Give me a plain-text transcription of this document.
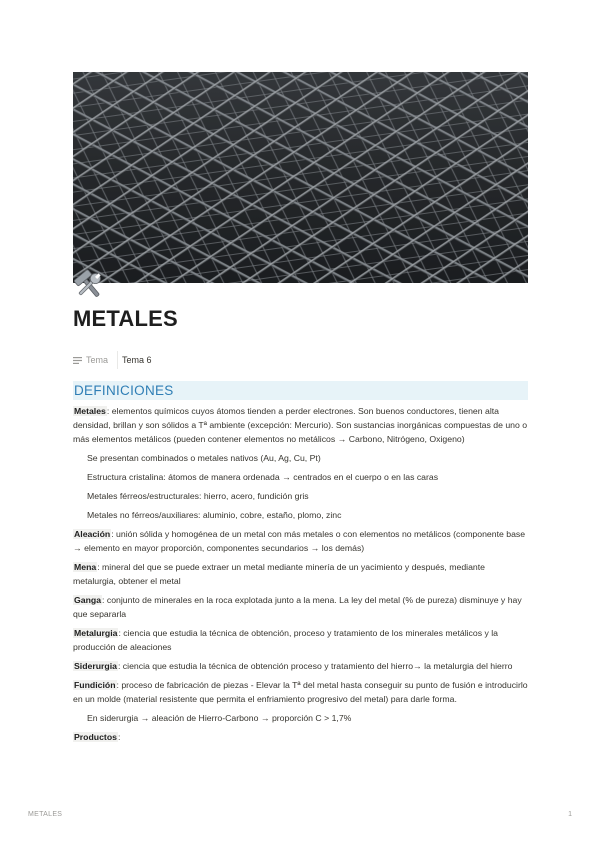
METALES
Tema Tema 6
DEFINICIONES
Metales: elementos químicos cuyos átomos tienden a perder electrones. Son buenos conductores, tienen alta densidad, brillan y son sólidos a Tª ambiente (excepción: Mercurio). Son sustancias inorgánicas compuestas de uno o más elementos metálicos (pueden contener elementos no metálicos → Carbono, Nitrógeno, Oxigeno)
Se presentan combinados o metales nativos (Au, Ag, Cu, Pt)
Estructura cristalina: átomos de manera ordenada → centrados en el cuerpo o en las caras
Metales férreos/estructurales: hierro, acero, fundición gris
Metales no férreos/auxiliares: aluminio, cobre, estaño, plomo, zinc
Aleación: unión sólida y homogénea de un metal con más metales o con elementos no metálicos (componente base → elemento en mayor proporción, componentes secundarios → los demás)
Mena: mineral del que se puede extraer un metal mediante minería de un yacimiento y después, mediante metalurgia, obtener el metal
Ganga: conjunto de minerales en la roca explotada junto a la mena. La ley del metal (% de pureza) disminuye y hay que separarla
Metalurgia: ciencia que estudia la técnica de obtención, proceso y tratamiento de los minerales metálicos y la producción de aleaciones
Siderurgia: ciencia que estudia la técnica de obtención proceso y tratamiento del hierro→ la metalurgia del hierro
Fundición: proceso de fabricación de piezas - Elevar la Tª del metal hasta conseguir su punto de fusión e introducirlo en un molde (material resistente que permita el enfriamiento progresivo del metal) para darle forma.
En siderurgia → aleación de Hierro-Carbono → proporción C > 1,7%
Productos:
METALES	1
